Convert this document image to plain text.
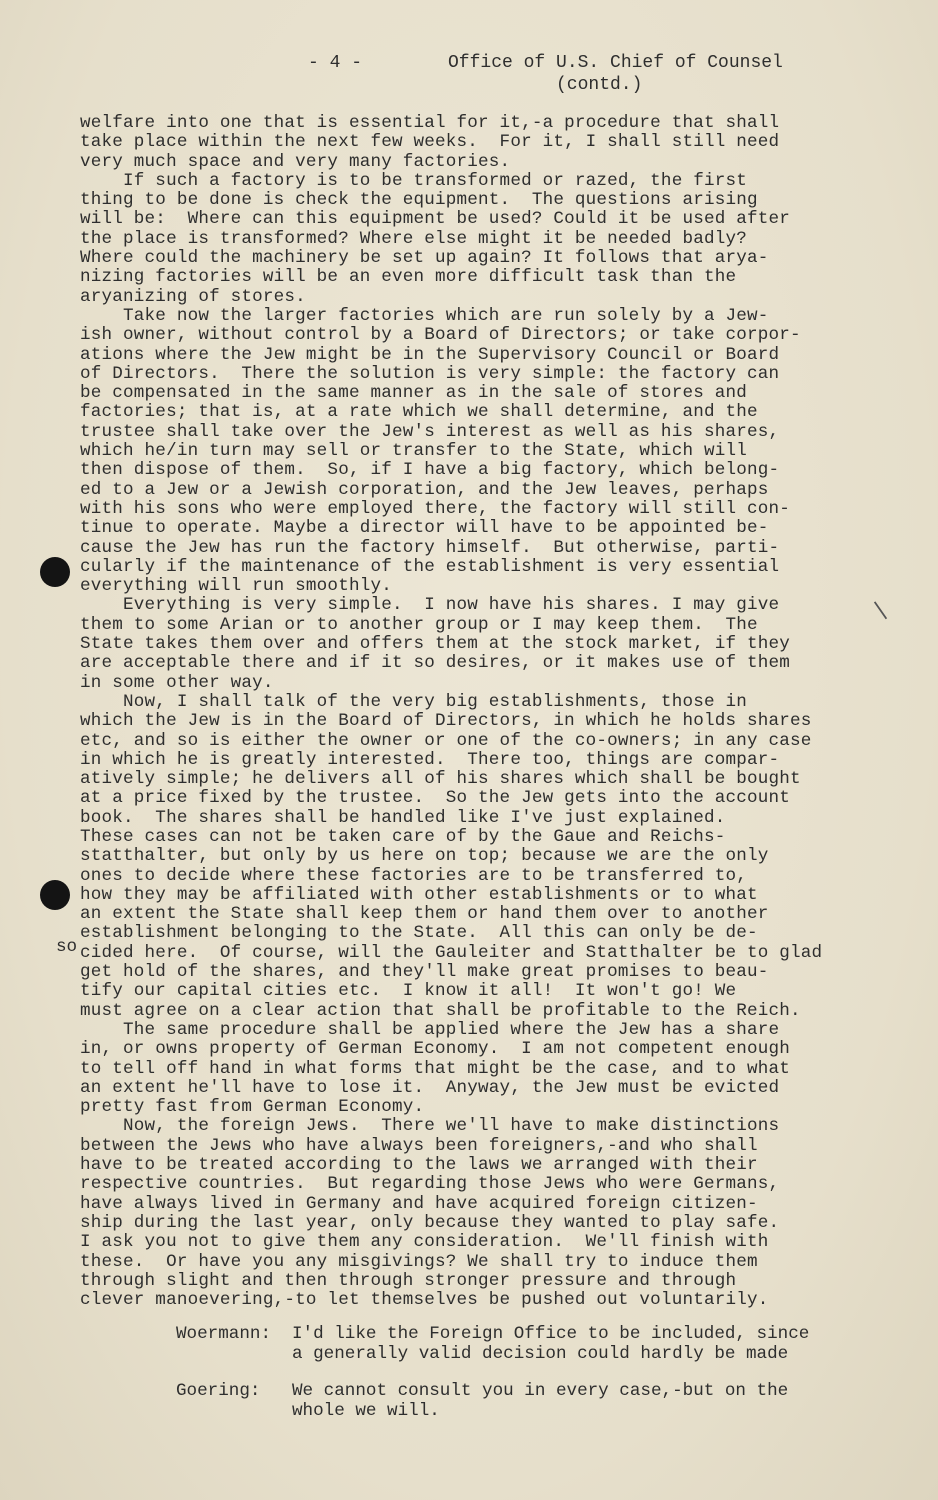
- 4 -	Office of U.S. Chief of Counsel
(contd.)
welfare into one that is essential for it,-a procedure that shall
take place within the next few weeks.  For it, I shall still need
very much space and very many factories.
If such a factory is to be transformed or razed, the first
thing to be done is check the equipment.  The questions arising
will be:  Where can this equipment be used? Could it be used after
the place is transformed? Where else might it be needed badly?
Where could the machinery be set up again? It follows that arya-
nizing factories will be an even more difficult task than the
aryanizing of stores.
Take now the larger factories which are run solely by a Jew-
ish owner, without control by a Board of Directors; or take corpor-
ations where the Jew might be in the Supervisory Council or Board
of Directors.  There the solution is very simple: the factory can
be compensated in the same manner as in the sale of stores and
factories; that is, at a rate which we shall determine, and the
trustee shall take over the Jew's interest as well as his shares,
which he/in turn may sell or transfer to the State, which will
then dispose of them.  So, if I have a big factory, which belong-
ed to a Jew or a Jewish corporation, and the Jew leaves, perhaps
with his sons who were employed there, the factory will still con-
tinue to operate. Maybe a director will have to be appointed be-
cause the Jew has run the factory himself.  But otherwise, parti-
cularly if the maintenance of the establishment is very essential
everything will run smoothly.
Everything is very simple.  I now have his shares. I may give
them to some Arian or to another group or I may keep them.  The
State takes them over and offers them at the stock market, if they
are acceptable there and if it so desires, or it makes use of them
in some other way.
Now, I shall talk of the very big establishments, those in
which the Jew is in the Board of Directors, in which he holds shares
etc, and so is either the owner or one of the co-owners; in any case
in which he is greatly interested.  There too, things are compar-
atively simple; he delivers all of his shares which shall be bought
at a price fixed by the trustee.  So the Jew gets into the account
book.  The shares shall be handled like I've just explained.
These cases can not be taken care of by the Gaue and Reichs-
statthalter, but only by us here on top; because we are the only
ones to decide where these factories are to be transferred to,
how they may be affiliated with other establishments or to what
an extent the State shall keep them or hand them over to another
establishment belonging to the State.  All this can only be de-
cided here.  Of course, will the Gauleiter and Statthalter be to glad
get hold of the shares, and they'll make great promises to beau-
tify our capital cities etc.  I know it all!  It won't go! We
must agree on a clear action that shall be profitable to the Reich.
The same procedure shall be applied where the Jew has a share
in, or owns property of German Economy.  I am not competent enough
to tell off hand in what forms that might be the case, and to what
an extent he'll have to lose it.  Anyway, the Jew must be evicted
pretty fast from German Economy.
Now, the foreign Jews.  There we'll have to make distinctions
between the Jews who have always been foreigners,-and who shall
have to be treated according to the laws we arranged with their
respective countries.  But regarding those Jews who were Germans,
have always lived in Germany and have acquired foreign citizen-
ship during the last year, only because they wanted to play safe.
I ask you not to give them any consideration.  We'll finish with
these.  Or have you any misgivings? We shall try to induce them
through slight and then through stronger pressure and through
clever manoevering,-to let themselves be pushed out voluntarily.
so
|
Woermann: I'd like the Foreign Office to be included, since
a generally valid decision could hardly be made
Goering: We cannot consult you in every case,-but on the
whole we will.
